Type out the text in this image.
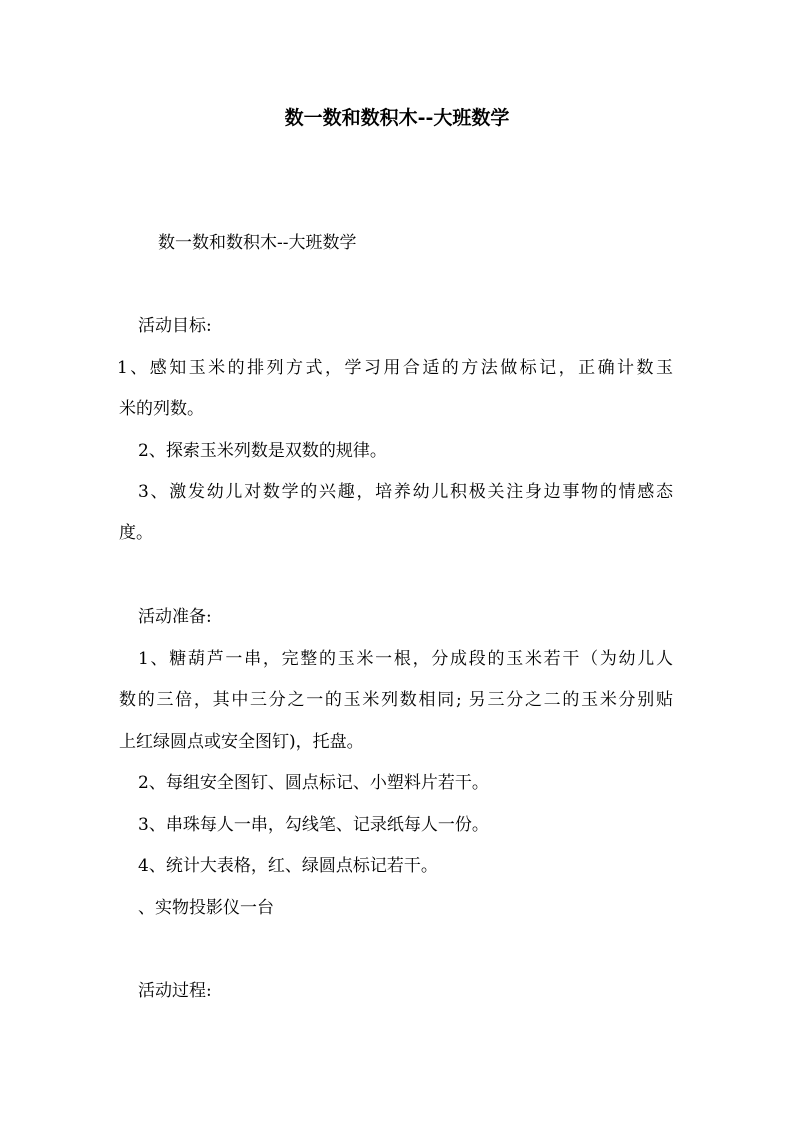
数一数和数积木--大班数学

数一数和数积木--大班数学

活动目标:

1、感知玉米的排列方式，学习用合适的方法做标记，正确计数玉

米的列数。

2、探索玉米列数是双数的规律。

3、激发幼儿对数学的兴趣，培养幼儿积极关注身边事物的情感态

度。

活动准备:

1、糖葫芦一串，完整的玉米一根，分成段的玉米若干（为幼儿人

数的三倍，其中三分之一的玉米列数相同; 另三分之二的玉米分别贴

上红绿圆点或安全图钉)，托盘。

2、每组安全图钉、圆点标记、小塑料片若干。

3、串珠每人一串，勾线笔、记录纸每人一份。

4、统计大表格，红、绿圆点标记若干。

、实物投影仪一台

活动过程:
